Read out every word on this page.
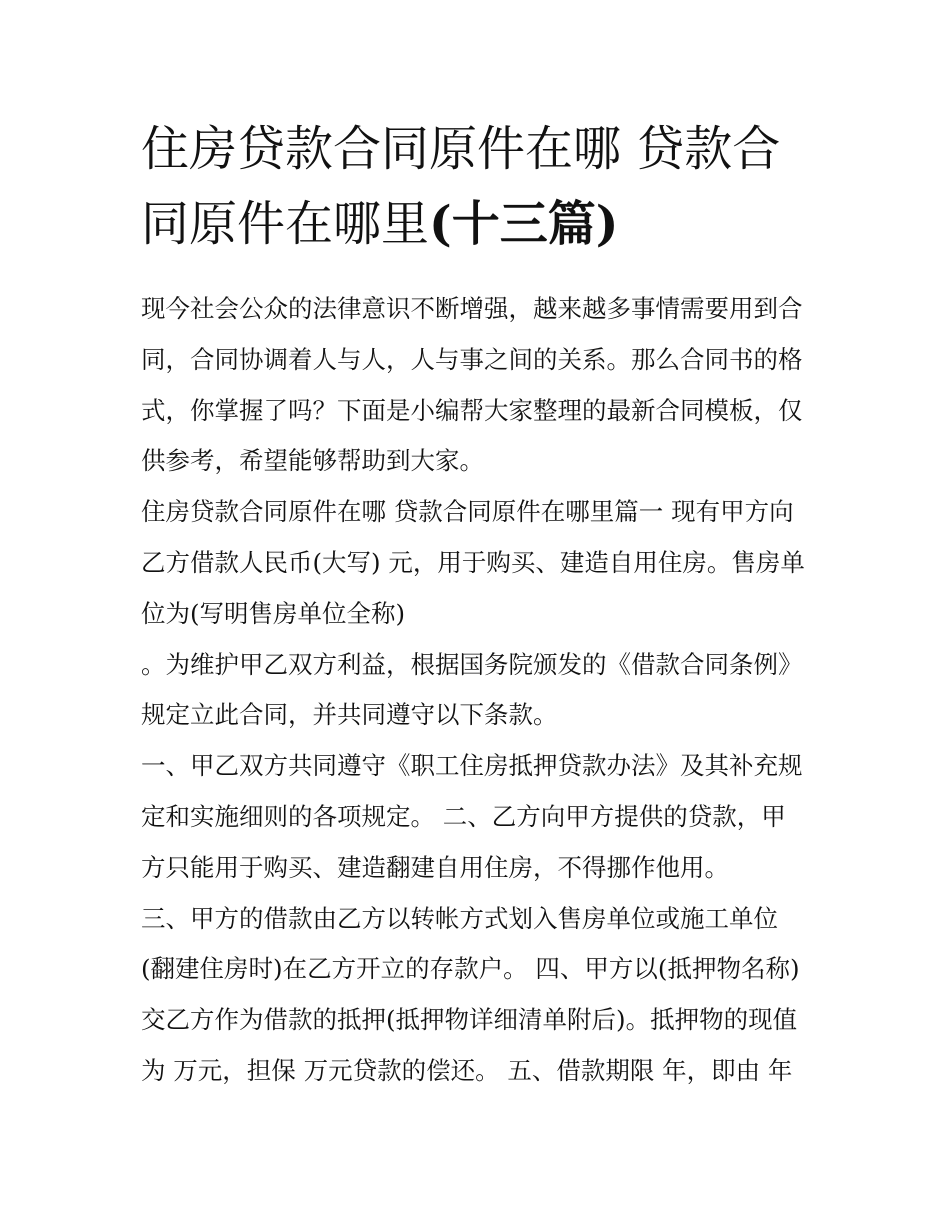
住房贷款合同原件在哪 贷款合
同原件在哪里(十三篇)
现今社会公众的法律意识不断增强，越来越多事情需要用到合
同，合同协调着人与人，人与事之间的关系。那么合同书的格
式，你掌握了吗？下面是小编帮大家整理的最新合同模板，仅
供参考，希望能够帮助到大家。
住房贷款合同原件在哪 贷款合同原件在哪里篇一 现有甲方向
乙方借款人民币(大写) 元，用于购买、建造自用住房。售房单
位为(写明售房单位全称)
。为维护甲乙双方利益，根据国务院颁发的《借款合同条例》
规定立此合同，并共同遵守以下条款。
一、甲乙双方共同遵守《职工住房抵押贷款办法》及其补充规
定和实施细则的各项规定。 二、乙方向甲方提供的贷款，甲
方只能用于购买、建造翻建自用住房，不得挪作他用。
三、甲方的借款由乙方以转帐方式划入售房单位或施工单位
(翻建住房时)在乙方开立的存款户。 四、甲方以(抵押物名称)
交乙方作为借款的抵押(抵押物详细清单附后)。抵押物的现值
为 万元，担保 万元贷款的偿还。 五、借款期限 年，即由 年
